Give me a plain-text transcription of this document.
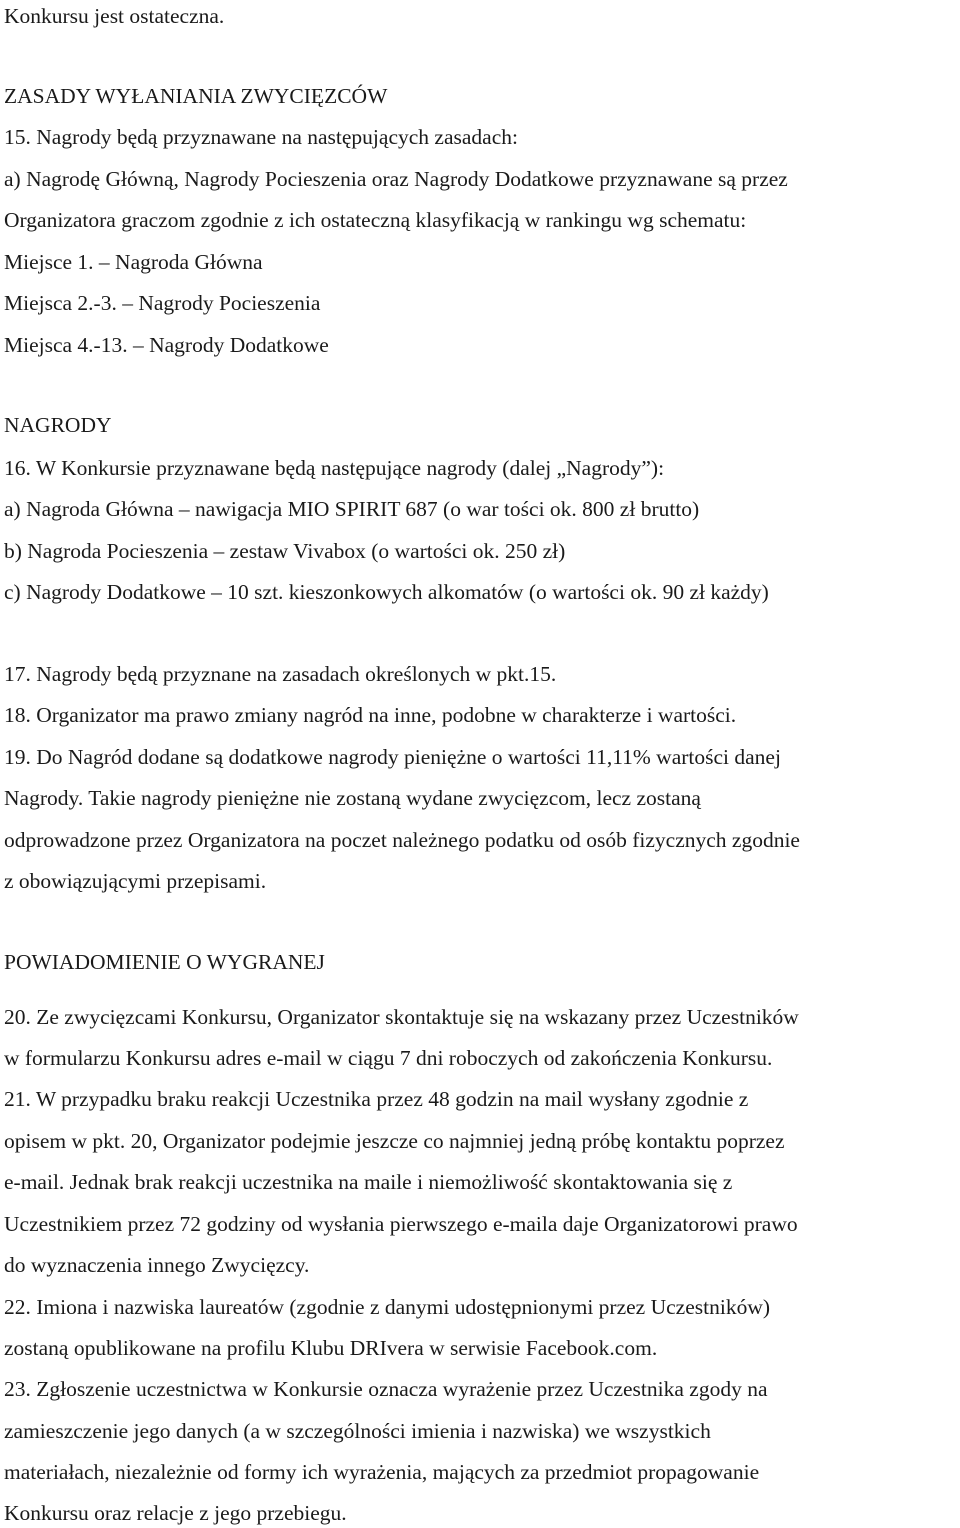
Konkursu jest ostateczna.
ZASADY WYŁANIANIA ZWYCIĘZCÓW
15. Nagrody będą przyznawane na następujących zasadach:
a) Nagrodę Główną, Nagrody Pocieszenia oraz Nagrody Dodatkowe przyznawane są przez
Organizatora graczom zgodnie z ich ostateczną klasyfikacją w rankingu wg schematu:
Miejsce 1. – Nagroda Główna
Miejsca 2.-3. – Nagrody Pocieszenia
Miejsca 4.-13. – Nagrody Dodatkowe
NAGRODY
16. W Konkursie przyznawane będą następujące nagrody (dalej „Nagrody”):
a) Nagroda Główna – nawigacja MIO SPIRIT 687 (o war tości ok. 800 zł brutto)
b) Nagroda Pocieszenia – zestaw Vivabox (o wartości ok. 250 zł)
c) Nagrody Dodatkowe – 10 szt. kieszonkowych alkomatów (o wartości ok. 90 zł każdy)
17. Nagrody będą przyznane na zasadach określonych w pkt.15.
18. Organizator ma prawo zmiany nagród na inne, podobne w charakterze i wartości.
19. Do Nagród dodane są dodatkowe nagrody pieniężne o wartości 11,11% wartości danej
Nagrody. Takie nagrody pieniężne nie zostaną wydane zwycięzcom, lecz zostaną
odprowadzone przez Organizatora na poczet należnego podatku od osób fizycznych zgodnie
z obowiązującymi przepisami.
POWIADOMIENIE O WYGRANEJ
20. Ze zwycięzcami Konkursu, Organizator skontaktuje się na wskazany przez Uczestników
w formularzu Konkursu adres e-mail w ciągu 7 dni roboczych od zakończenia Konkursu.
21. W przypadku braku reakcji Uczestnika przez 48 godzin na mail wysłany zgodnie z
opisem w pkt. 20, Organizator podejmie jeszcze co najmniej jedną próbę kontaktu poprzez
e-mail. Jednak brak reakcji uczestnika na maile i niemożliwość skontaktowania się z
Uczestnikiem przez 72 godziny od wysłania pierwszego e-maila daje Organizatorowi prawo
do wyznaczenia innego Zwycięzcy.
22. Imiona i nazwiska laureatów (zgodnie z danymi udostępnionymi przez Uczestników)
zostaną opublikowane na profilu Klubu DRIvera w serwisie Facebook.com.
23. Zgłoszenie uczestnictwa w Konkursie oznacza wyrażenie przez Uczestnika zgody na
zamieszczenie jego danych (a w szczególności imienia i nazwiska) we wszystkich
materiałach, niezależnie od formy ich wyrażenia, mających za przedmiot propagowanie
Konkursu oraz relacje z jego przebiegu.
